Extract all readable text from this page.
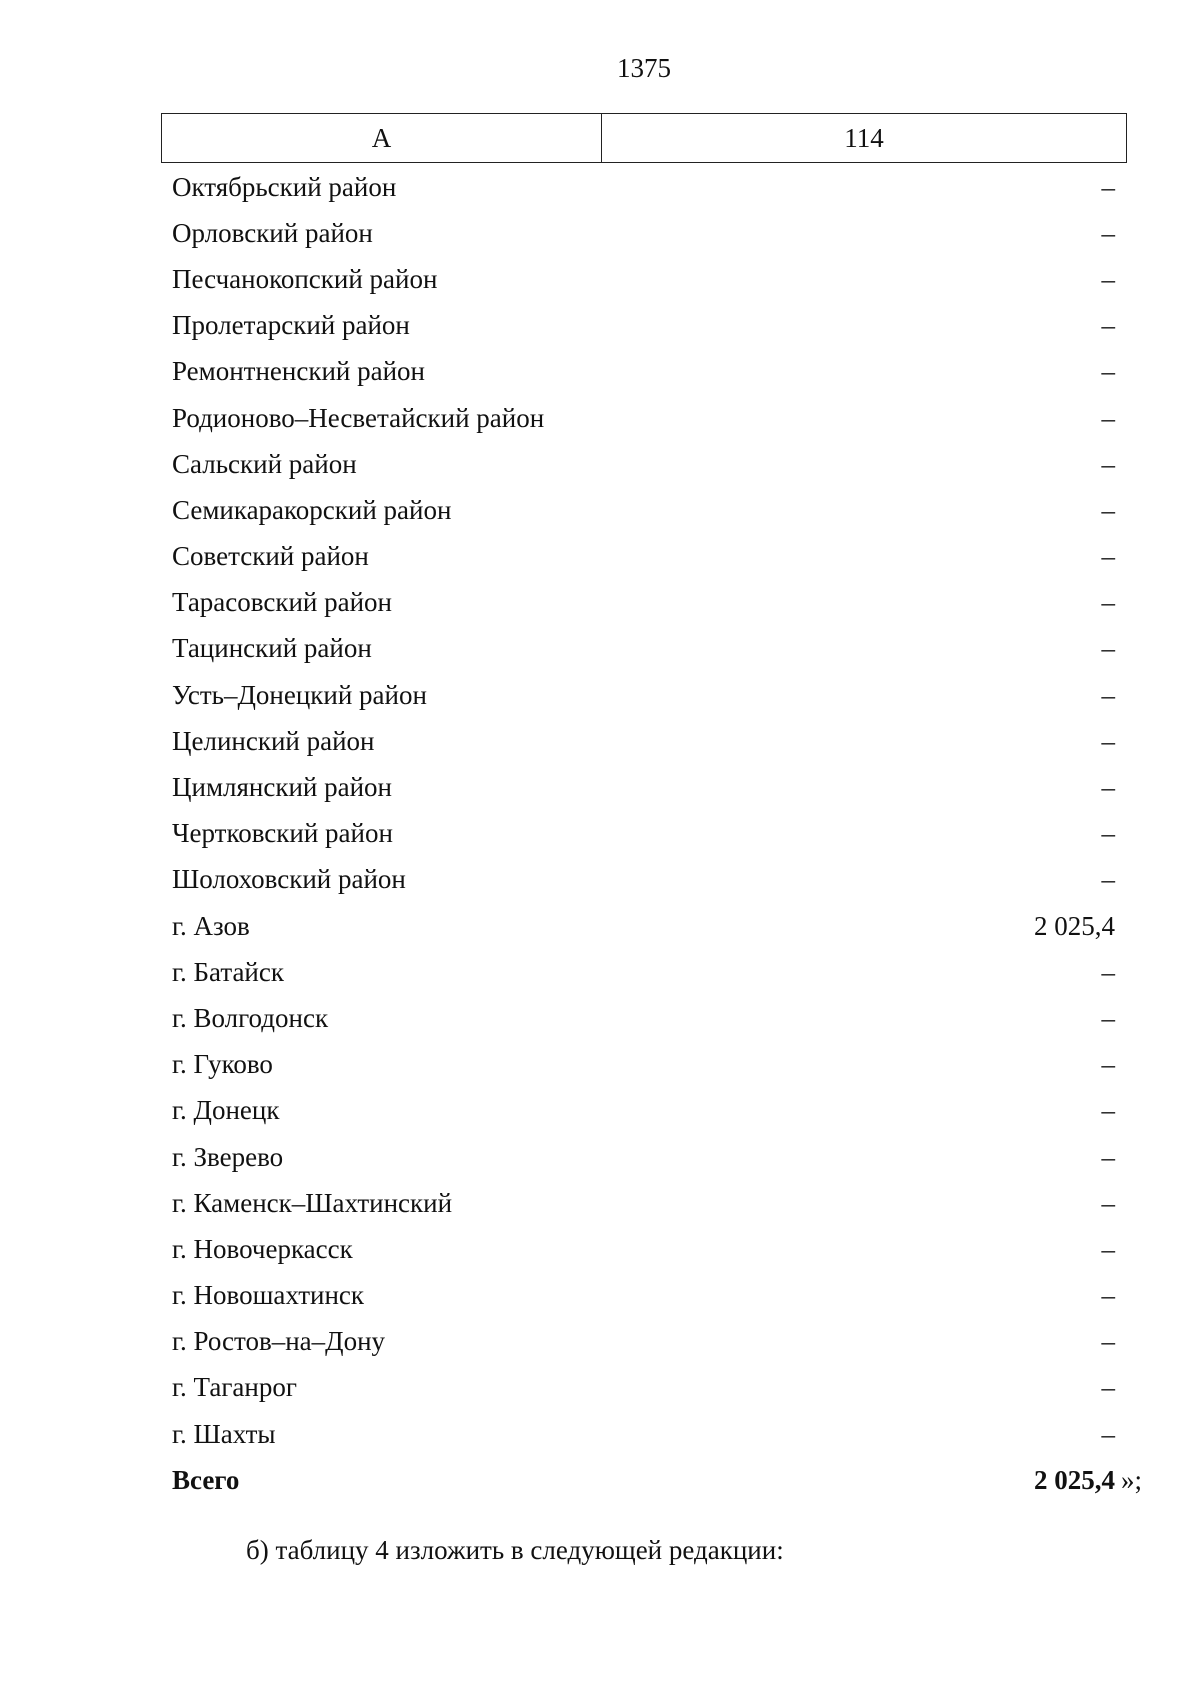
1375
А	114
Октябрьский район	–
Орловский район	–
Песчанокопский район	–
Пролетарский район	–
Ремонтненский район	–
Родионово–Несветайский район	–
Сальский район	–
Семикаракорский район	–
Советский район	–
Тарасовский район	–
Тацинский район	–
Усть–Донецкий район	–
Целинский район	–
Цимлянский район	–
Чертковский район	–
Шолоховский район	–
г. Азов	2 025,4
г. Батайск	–
г. Волгодонск	–
г. Гуково	–
г. Донецк	–
г. Зверево	–
г. Каменск–Шахтинский	–
г. Новочеркасск	–
г. Новошахтинск	–
г. Ростов–на–Дону	–
г. Таганрог	–
г. Шахты	–
Всего	2 025,4 »;
б) таблицу 4 изложить в следующей редакции:
